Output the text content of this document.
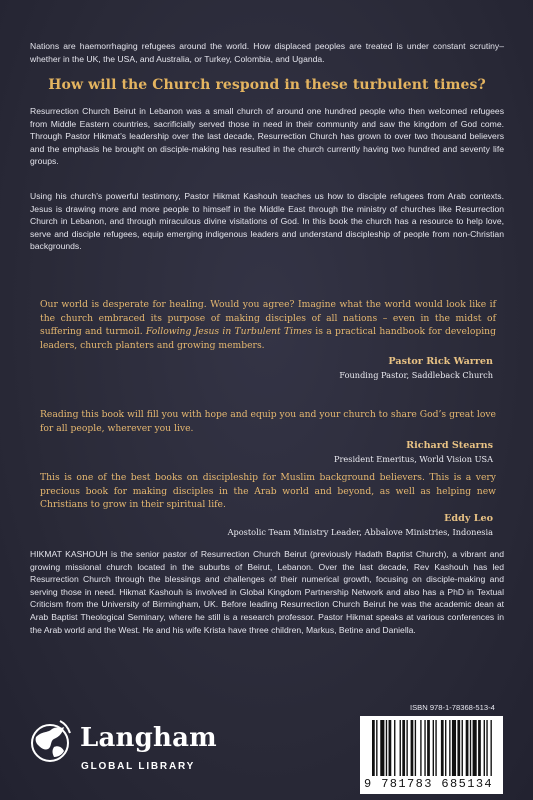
Nations are haemorrhaging refugees around the world. How displaced peoples are treated is under constant scrutiny– whether in the UK, the USA, and Australia, or Turkey, Colombia, and Uganda.

How will the Church respond in these turbulent times?

Resurrection Church Beirut in Lebanon was a small church of around one hundred people who then welcomed refugees from Middle Eastern countries, sacrificially served those in need in their community and saw the kingdom of God come. Through Pastor Hikmat’s leadership over the last decade, Resurrection Church has grown to over two thousand believers and the emphasis he brought on disciple-making has resulted in the church currently having two hundred and seventy life groups.

Using his church’s powerful testimony, Pastor Hikmat Kashouh teaches us how to disciple refugees from Arab contexts. Jesus is drawing more and more people to himself in the Middle East through the ministry of churches like Resurrection Church in Lebanon, and through miraculous divine visitations of God. In this book the church has a resource to help love, serve and disciple refugees, equip emerging indigenous leaders and understand discipleship of people from non-Christian backgrounds.

Our world is desperate for healing. Would you agree? Imagine what the world would look like if the church embraced its purpose of making disciples of all nations – even in the midst of suffering and turmoil. Following Jesus in Turbulent Times is a practical handbook for developing leaders, church planters and growing members.

Pastor Rick Warren
Founding Pastor, Saddleback Church

Reading this book will fill you with hope and equip you and your church to share God’s great love for all people, wherever you live.

Richard Stearns
President Emeritus, World Vision USA

This is one of the best books on discipleship for Muslim background believers. This is a very precious book for making disciples in the Arab world and beyond, as well as helping new Christians to grow in their spiritual life.

Eddy Leo
Apostolic Team Ministry Leader, Abbalove Ministries, Indonesia

HIKMAT KASHOUH is the senior pastor of Resurrection Church Beirut (previously Hadath Baptist Church), a vibrant and growing missional church located in the suburbs of Beirut, Lebanon. Over the last decade, Rev Kashouh has led Resurrection Church through the blessings and challenges of their numerical growth, focusing on disciple-making and serving those in need. Hikmat Kashouh is involved in Global Kingdom Partnership Network and also has a PhD in Textual Criticism from the University of Birmingham, UK. Before leading Resurrection Church Beirut he was the academic dean at Arab Baptist Theological Seminary, where he still is a research professor. Pastor Hikmat speaks at various conferences in the Arab world and the West. He and his wife Krista have three children, Markus, Betine and Daniella.

Langham
GLOBAL LIBRARY
ISBN 978-1-78368-513-4
9 781783 685134
